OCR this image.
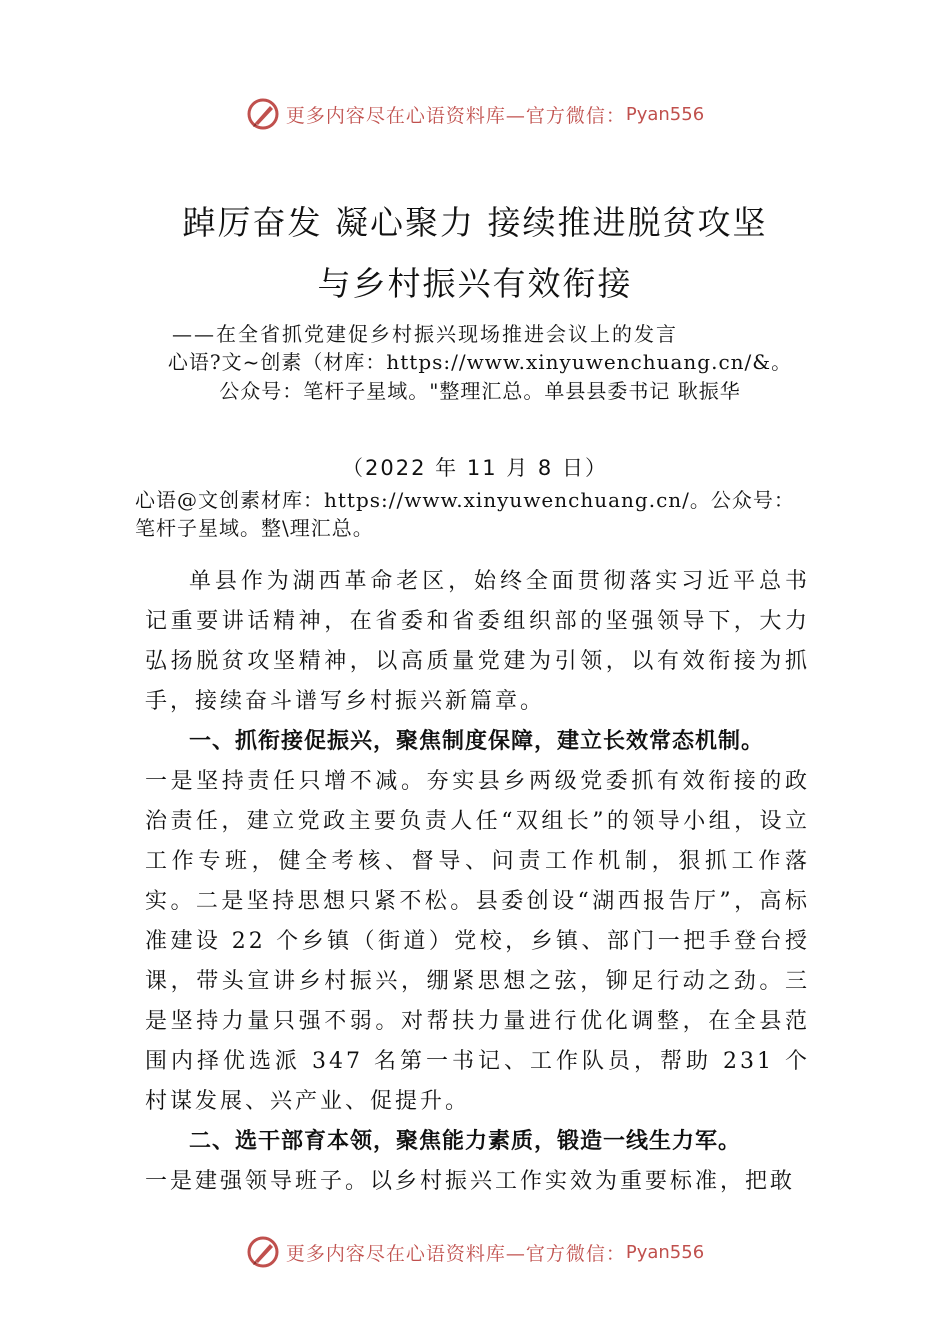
更多内容尽在心语资料库—官方微信： Pyan556
踔厉奋发 凝心聚力 接续推进脱贫攻坚
与乡村振兴有效衔接
——在全省抓党建促乡村振兴现场推进会议上的发言
心语?文~创素（材库：https://www.xinyuwenchuang.cn/&。公众号：笔杆子星域。"整理汇总。单县县委书记 耿振华
（2022 年 11 月 8 日）
心语@文创素材库：https://www.xinyuwenchuang.cn/。公众号：笔杆子星域。整\理汇总。

单县作为湖西革命老区，始终全面贯彻落实习近平总书记重要讲话精神，在省委和省委组织部的坚强领导下，大力弘扬脱贫攻坚精神，以高质量党建为引领，以有效衔接为抓手，接续奋斗谱写乡村振兴新篇章。

一、抓衔接促振兴，聚焦制度保障，建立长效常态机制。

一是坚持责任只增不减。夯实县乡两级党委抓有效衔接的政治责任，建立党政主要负责人任“双组长”的领导小组，设立工作专班，健全考核、督导、问责工作机制，狠抓工作落实。二是坚持思想只紧不松。县委创设“湖西报告厅”，高标准建设 22 个乡镇（街道）党校，乡镇、部门一把手登台授课，带头宣讲乡村振兴，绷紧思想之弦，铆足行动之劲。三是坚持力量只强不弱。对帮扶力量进行优化调整，在全县范围内择优选派 347 名第一书记、工作队员，帮助 231 个村谋发展、兴产业、促提升。

二、选干部育本领，聚焦能力素质，锻造一线生力军。

一是建强领导班子。以乡村振兴工作实效为重要标准，把敢

更多内容尽在心语资料库—官方微信： Pyan556
